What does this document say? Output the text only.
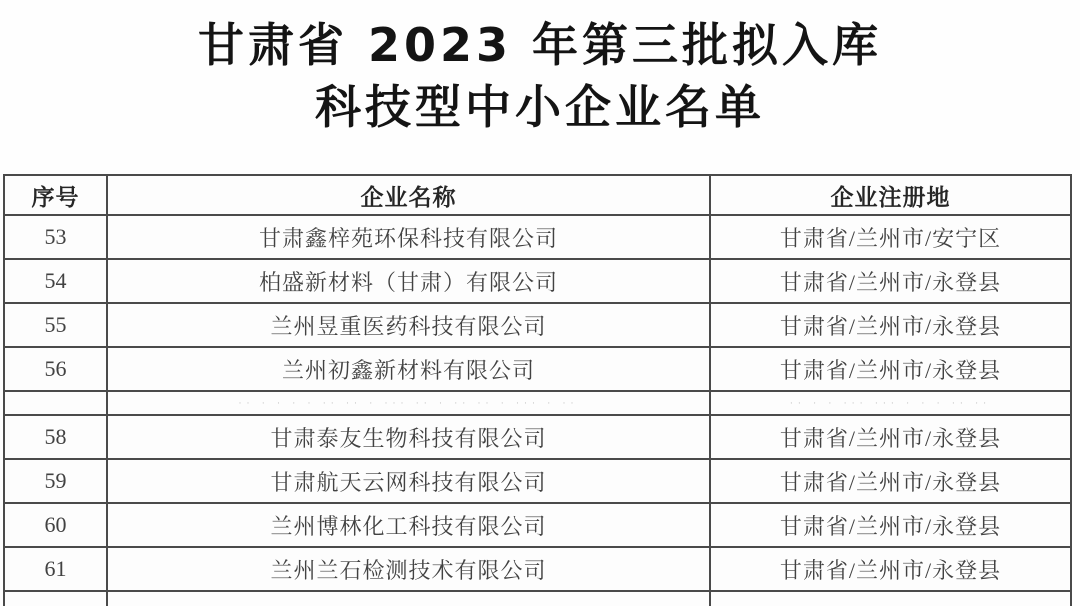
甘肃省 2023 年第三批拟入库
科技型中小企业名单
序号	企业名称	企业注册地
53	甘肃鑫梓苑环保科技有限公司	甘肃省/兰州市/安宁区
54	柏盛新材料（甘肃）有限公司	甘肃省/兰州市/永登县
55	兰州昱重医药科技有限公司	甘肃省/兰州市/永登县
56	兰州初鑫新材料有限公司	甘肃省/兰州市/永登县
	·· · · · · ·· ·· · ··· ·· · ·· ·· · ··· · ··	·· · · ··· ··· · · · ·· ··
58	甘肃泰友生物科技有限公司	甘肃省/兰州市/永登县
59	甘肃航天云网科技有限公司	甘肃省/兰州市/永登县
60	兰州博林化工科技有限公司	甘肃省/兰州市/永登县
61	兰州兰石检测技术有限公司	甘肃省/兰州市/永登县
